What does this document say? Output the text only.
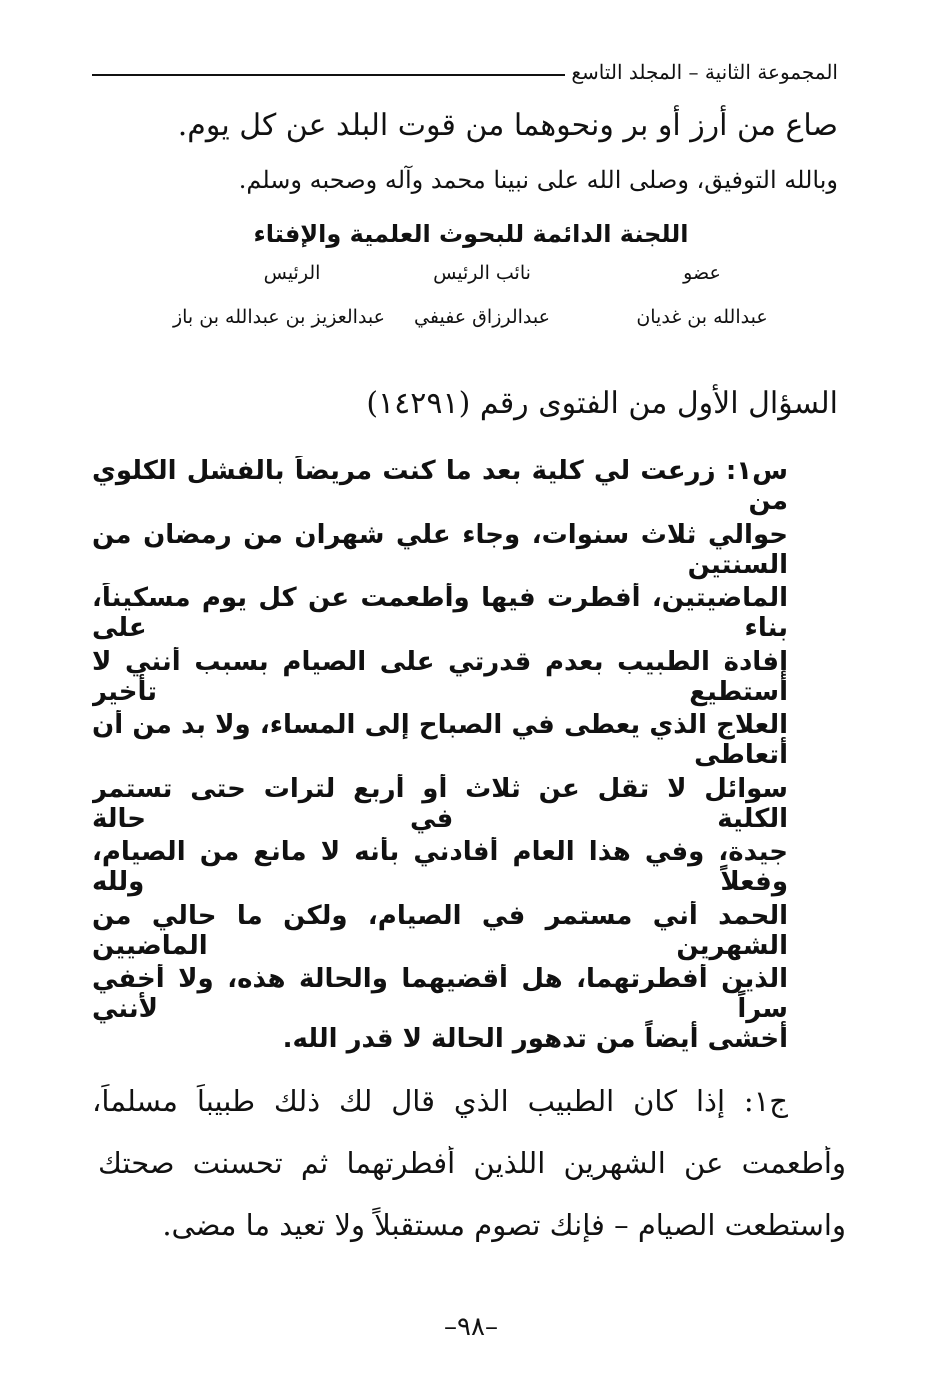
المجموعة الثانية – المجلد التاسع
صاع من أرز أو بر ونحوهما من قوت البلد عن كل يوم.
وبالله التوفيق، وصلى الله على نبينا محمد وآله وصحبه وسلم.
اللجنة الدائمة للبحوث العلمية والإفتاء
عضو
نائب الرئيس
الرئيس
عبدالله بن غديان
عبدالرزاق عفيفي
عبدالعزيز بن عبدالله بن باز
السؤال الأول من الفتوى رقم (١٤٢٩١)
س١: زرعت لي كلية بعد ما كنت مريضاً بالفشل الكلوي من
حوالي ثلاث سنوات، وجاء علي شهران من رمضان من السنتين
الماضيتين، أفطرت فيها وأطعمت عن كل يوم مسكيناً، بناء على
إفادة الطبيب بعدم قدرتي على الصيام بسبب أنني لا أستطيع تأخير
العلاج الذي يعطى في الصباح إلى المساء، ولا بد من أن أتعاطى
سوائل لا تقل عن ثلاث أو أربع لترات حتى تستمر الكلية في حالة
جيدة، وفي هذا العام أفادني بأنه لا مانع من الصيام، وفعلاً ولله
الحمد أني مستمر في الصيام، ولكن ما حالي من الشهرين الماضيين
الذين أفطرتهما، هل أقضيهما والحالة هذه، ولا أخفي سراً لأنني
أخشى أيضاً من تدهور الحالة لا قدر الله.
ج١: إذا كان الطبيب الذي قال لك ذلك طبيباً مسلماً،
وأطعمت عن الشهرين اللذين أفطرتهما ثم تحسنت صحتك
واستطعت الصيام – فإنك تصوم مستقبلاً ولا تعيد ما مضى.
–٩٨–
